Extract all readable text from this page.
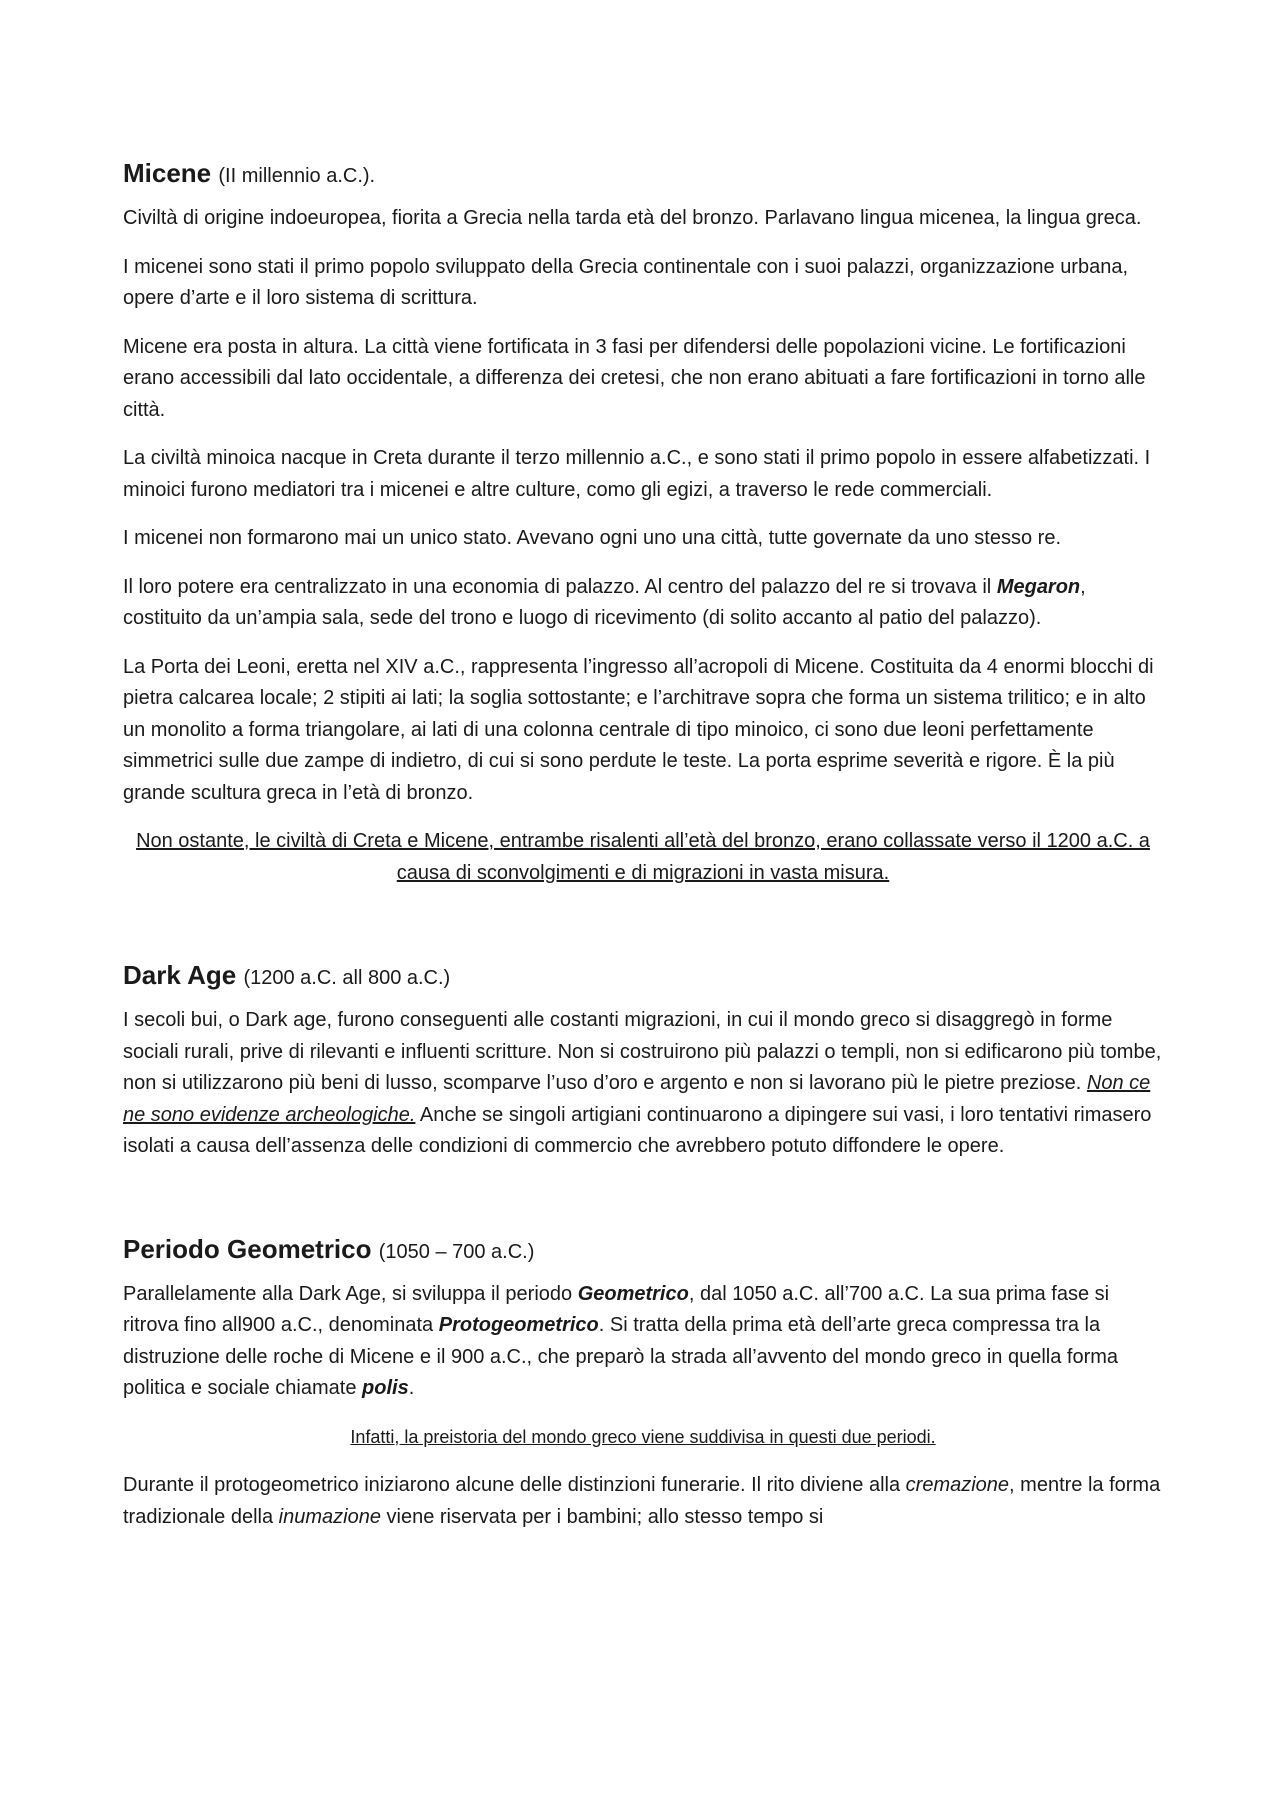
Micene (II millennio a.C.).

Civiltà di origine indoeuropea, fiorita a Grecia nella tarda età del bronzo. Parlavano lingua micenea, la lingua greca.

I micenei sono stati il primo popolo sviluppato della Grecia continentale con i suoi palazzi, organizzazione urbana, opere d’arte e il loro sistema di scrittura.

Micene era posta in altura. La città viene fortificata in 3 fasi per difendersi delle popolazioni vicine. Le fortificazioni erano accessibili dal lato occidentale, a differenza dei cretesi, che non erano abituati a fare fortificazioni in torno alle città.

La civiltà minoica nacque in Creta durante il terzo millennio a.C., e sono stati il primo popolo in essere alfabetizzati. I minoici furono mediatori tra i micenei e altre culture, como gli egizi, a traverso le rede commerciali.

I micenei non formarono mai un unico stato. Avevano ogni uno una città, tutte governate da uno stesso re.

Il loro potere era centralizzato in una economia di palazzo. Al centro del palazzo del re si trovava il Megaron, costituito da un’ampia sala, sede del trono e luogo di ricevimento (di solito accanto al patio del palazzo).

La Porta dei Leoni, eretta nel XIV a.C., rappresenta l’ingresso all’acropoli di Micene. Costituita da 4 enormi blocchi di pietra calcarea locale; 2 stipiti ai lati; la soglia sottostante; e l’architrave sopra che forma un sistema trilitico; e in alto un monolito a forma triangolare, ai lati di una colonna centrale di tipo minoico, ci sono due leoni perfettamente simmetrici sulle due zampe di indietro, di cui si sono perdute le teste. La porta esprime severità e rigore. È la più grande scultura greca in l’età di bronzo.

Non ostante, le civiltà di Creta e Micene, entrambe risalenti all’età del bronzo, erano collassate verso il 1200 a.C. a causa di sconvolgimenti e di migrazioni in vasta misura.

Dark Age (1200 a.C. all 800 a.C.)

I secoli bui, o Dark age, furono conseguenti alle costanti migrazioni, in cui il mondo greco si disaggregò in forme sociali rurali, prive di rilevanti e influenti scritture. Non si costruirono più palazzi o templi, non si edificarono più tombe, non si utilizzarono più beni di lusso, scomparve l’uso d’oro e argento e non si lavorano più le pietre preziose. Non ce ne sono evidenze archeologiche. Anche se singoli artigiani continuarono a dipingere sui vasi, i loro tentativi rimasero isolati a causa dell’assenza delle condizioni di commercio che avrebbero potuto diffondere le opere.

Periodo Geometrico (1050 – 700 a.C.)

Parallelamente alla Dark Age, si sviluppa il periodo Geometrico, dal 1050 a.C. all’700 a.C. La sua prima fase si ritrova fino all900 a.C., denominata Protogeometrico. Si tratta della prima età dell’arte greca compressa tra la distruzione delle roche di Micene e il 900 a.C., che preparò la strada all’avvento del mondo greco in quella forma politica e sociale chiamate polis.

Infatti, la preistoria del mondo greco viene suddivisa in questi due periodi.

Durante il protogeometrico iniziarono alcune delle distinzioni funerarie. Il rito diviene alla cremazione, mentre la forma tradizionale della inumazione viene riservata per i bambini; allo stesso tempo si
